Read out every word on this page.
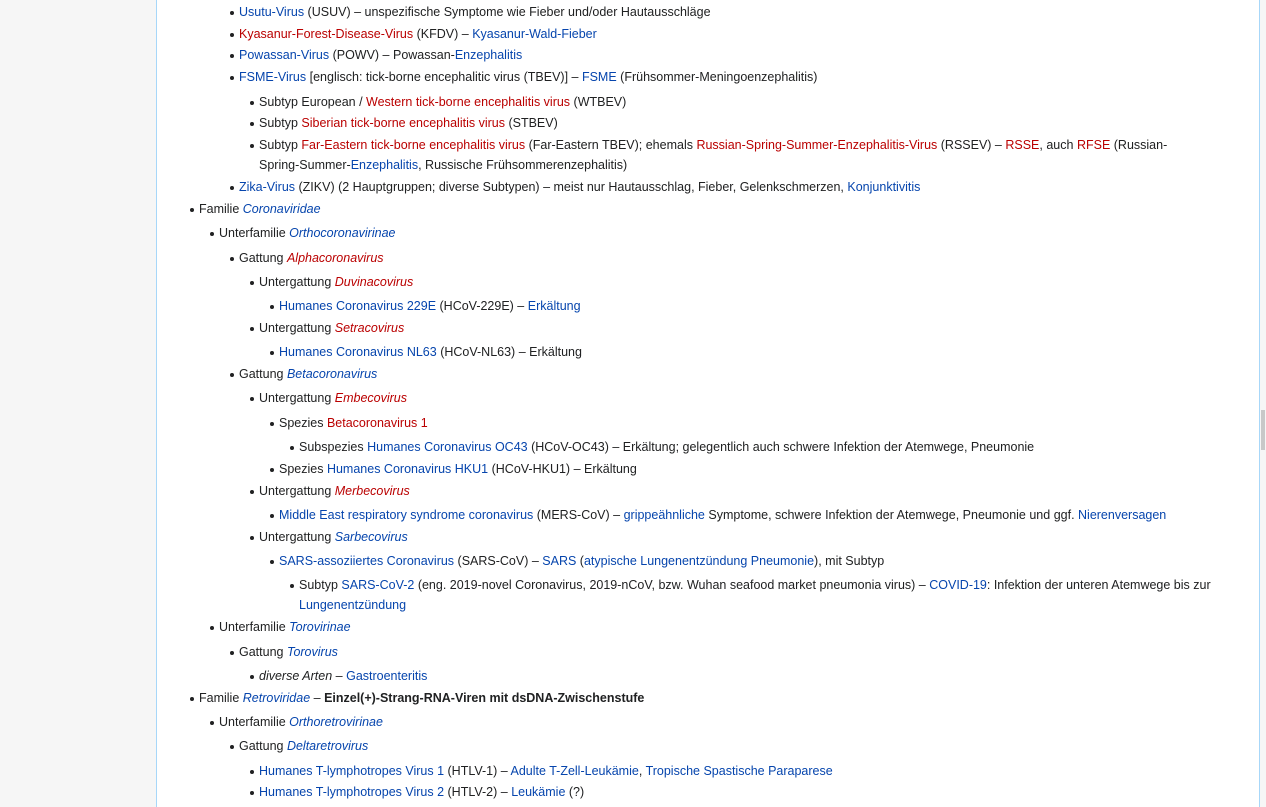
Usutu-Virus (USUV) – unspezifische Symptome wie Fieber und/oder Hautausschläge
Kyasanur-Forest-Disease-Virus (KFDV) – Kyasanur-Wald-Fieber
Powassan-Virus (POWV) – Powassan-Enzephalitis
FSME-Virus [englisch: tick-borne encephalitic virus (TBEV)] – FSME (Frühsommer-Meningoenzephalitis)
Subtyp European / Western tick-borne encephalitis virus (WTBEV)
Subtyp Siberian tick-borne encephalitis virus (STBEV)
Subtyp Far-Eastern tick-borne encephalitis virus (Far-Eastern TBEV); ehemals Russian-Spring-Summer-Enzephalitis-Virus (RSSEV) – RSSE, auch RFSE (Russian-
Spring-Summer-Enzephalitis, Russische Frühsommerenzephalitis)
Zika-Virus (ZIKV) (2 Hauptgruppen; diverse Subtypen) – meist nur Hautausschlag, Fieber, Gelenkschmerzen, Konjunktivitis
Familie Coronaviridae
Unterfamilie Orthocoronavirinae
Gattung Alphacoronavirus
Untergattung Duvinacovirus
Humanes Coronavirus 229E (HCoV-229E) – Erkältung
Untergattung Setracovirus
Humanes Coronavirus NL63 (HCoV-NL63) – Erkältung
Gattung Betacoronavirus
Untergattung Embecovirus
Spezies Betacoronavirus 1
Subspezies Humanes Coronavirus OC43 (HCoV-OC43) – Erkältung; gelegentlich auch schwere Infektion der Atemwege, Pneumonie
Spezies Humanes Coronavirus HKU1 (HCoV-HKU1) – Erkältung
Untergattung Merbecovirus
Middle East respiratory syndrome coronavirus (MERS-CoV) – grippeähnliche Symptome, schwere Infektion der Atemwege, Pneumonie und ggf. Nierenversagen
Untergattung Sarbecovirus
SARS-assoziiertes Coronavirus (SARS-CoV) – SARS (atypische Lungenentzündung Pneumonie), mit Subtyp
Subtyp SARS-CoV-2 (eng. 2019-novel Coronavirus, 2019-nCoV, bzw. Wuhan seafood market pneumonia virus) – COVID-19: Infektion der unteren Atemwege bis zur
Lungenentzündung
Unterfamilie Torovirinae
Gattung Torovirus
diverse Arten – Gastroenteritis
Familie Retroviridae – Einzel(+)-Strang-RNA-Viren mit dsDNA-Zwischenstufe
Unterfamilie Orthoretrovirinae
Gattung Deltaretrovirus
Humanes T-lymphotropes Virus 1 (HTLV-1) – Adulte T-Zell-Leukämie, Tropische Spastische Paraparese
Humanes T-lymphotropes Virus 2 (HTLV-2) – Leukämie (?)
